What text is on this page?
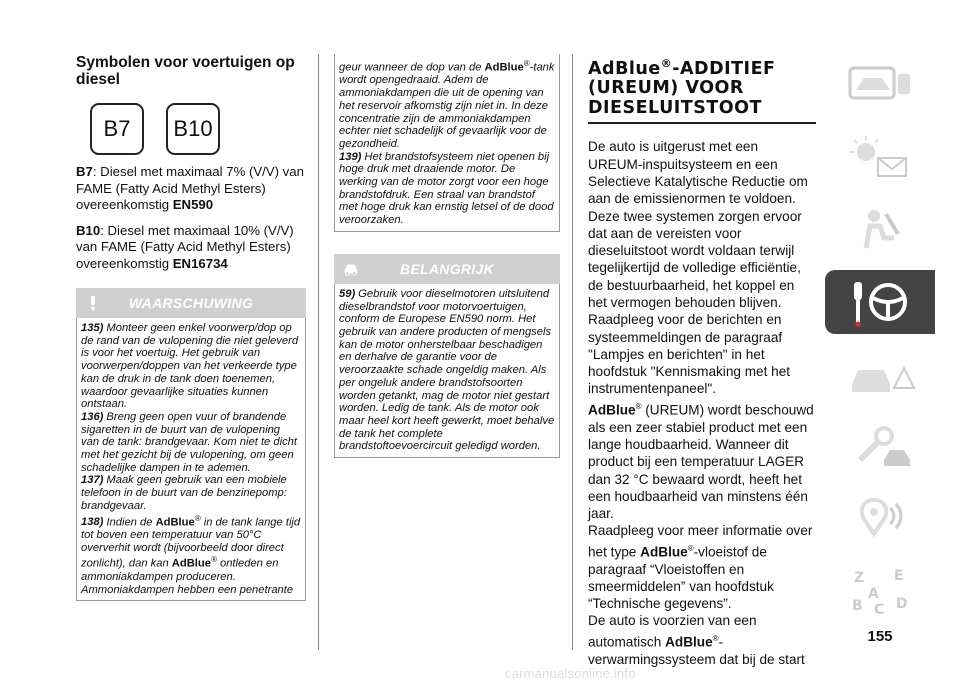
Symbolen voor voertuigen op diesel
B7	B10

B7: Diesel met maximaal 7% (V/V) van FAME (Fatty Acid Methyl Esters) overeenkomstig EN590

B10: Diesel met maximaal 10% (V/V) van FAME (Fatty Acid Methyl Esters) overeenkomstig EN16734

WAARSCHUWING

135) Monteer geen enkel voorwerp/dop op de rand van de vulopening die niet geleverd is voor het voertuig. Het gebruik van voorwerpen/doppen van het verkeerde type kan de druk in de tank doen toenemen, waardoor gevaarlijke situaties kunnen ontstaan.

136) Breng geen open vuur of brandende sigaretten in de buurt van de vulopening van de tank: brandgevaar. Kom niet te dicht met het gezicht bij de vulopening, om geen schadelijke dampen in te ademen.

137) Maak geen gebruik van een mobiele telefoon in de buurt van de benzinepomp: brandgevaar.

138) Indien de AdBlue® in de tank lange tijd tot boven een temperatuur van 50°C oververhit wordt (bijvoorbeeld door direct zonlicht), dan kan AdBlue® ontleden en ammoniakdampen produceren. Ammoniakdampen hebben een penetrante

geur wanneer de dop van de AdBlue®-tank wordt opengedraaid. Adem de ammoniakdampen die uit de opening van het reservoir afkomstig zijn niet in. In deze concentratie zijn de ammoniakdampen echter niet schadelijk of gevaarlijk voor de gezondheid.

139) Het brandstofsysteem niet openen bij hoge druk met draaiende motor. De werking van de motor zorgt voor een hoge brandstofdruk. Een straal van brandstof met hoge druk kan ernstig letsel of de dood veroorzaken.

BELANGRIJK

59) Gebruik voor dieselmotoren uitsluitend dieselbrandstof voor motorvoertuigen, conform de Europese EN590 norm. Het gebruik van andere producten of mengsels kan de motor onherstelbaar beschadigen en derhalve de garantie voor de veroorzaakte schade ongeldig maken. Als per ongeluk andere brandstofsoorten worden getankt, mag de motor niet gestart worden. Ledig de tank. Als de motor ook maar heel kort heeft gewerkt, moet behalve de tank het complete brandstoftoevoercircuit geledigd worden.

AdBlue®-ADDITIEF
(UREUM) VOOR
DIESELUITSTOOT

De auto is uitgerust met een UREUM-inspuitsysteem en een Selectieve Katalytische Reductie om aan de emissienormen te voldoen.

Deze twee systemen zorgen ervoor dat aan de vereisten voor dieseluitstoot wordt voldaan terwijl tegelijkertijd de volledige efficiëntie, de bestuurbaarheid, het koppel en het vermogen behouden blijven.

Raadpleeg voor de berichten en systeemmeldingen de paragraaf "Lampjes en berichten" in het hoofdstuk "Kennismaking met het instrumentenpaneel".

AdBlue® (UREUM) wordt beschouwd als een zeer stabiel product met een lange houdbaarheid. Wanneer dit product bij een temperatuur LAGER dan 32 °C bewaard wordt, heeft het een houdbaarheid van minstens één jaar.

Raadpleeg voor meer informatie over het type AdBlue®-vloeistof de paragraaf “Vloeistoffen en smeermiddelen” van hoofdstuk “Technische gegevens”.

De auto is voorzien van een automatisch AdBlue®-verwarmingssysteem dat bij de start

Z E
A
B C D
155
carmanualsonline.info
